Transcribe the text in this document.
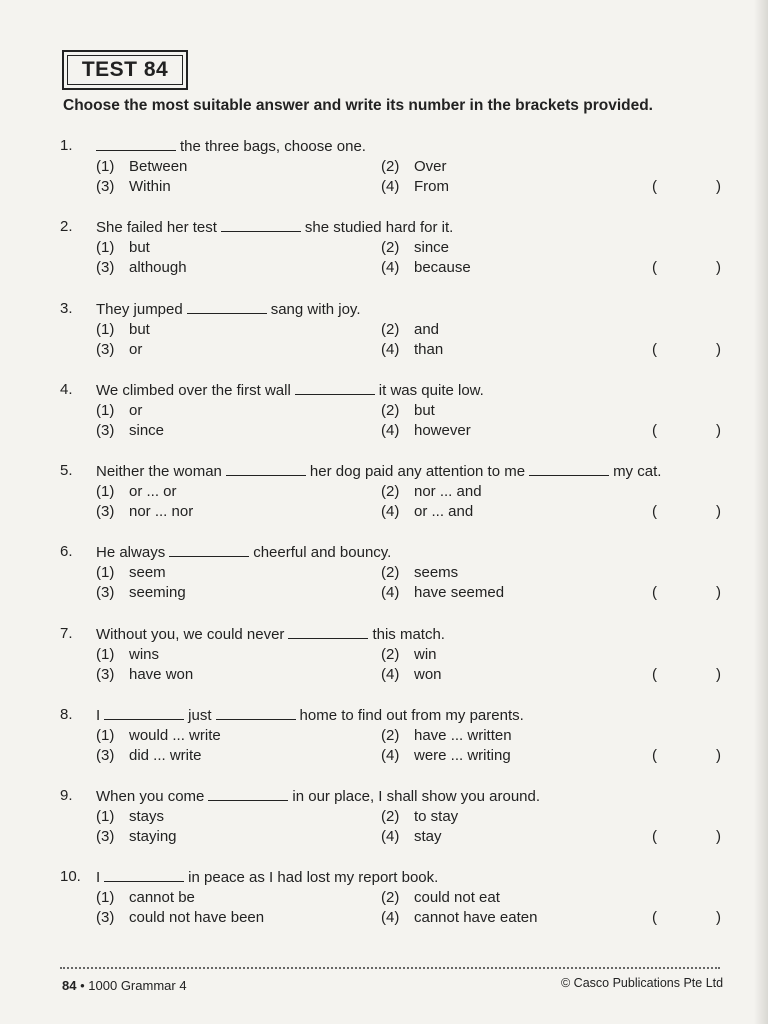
TEST 84
Choose the most suitable answer and write its number in the brackets provided.
1.	the three bags, choose one.
(1) Between	(2) Over
(3) Within	(4) From	(	)
2. She failed her test	she studied hard for it.
(1) but	(2) since
(3) although	(4) because	(	)
3. They jumped	sang with joy.
(1) but	(2) and
(3) or	(4) than	(	)
4. We climbed over the first wall	it was quite low.
(1) or	(2) but
(3) since	(4) however	(	)
5. Neither the woman	her dog paid any attention to me	my cat.
(1) or ... or	(2) nor ... and
(3) nor ... nor	(4) or ... and	(	)
6. He always	cheerful and bouncy.
(1) seem	(2) seems
(3) seeming	(4) have seemed	(	)
7. Without you, we could never	this match.
(1) wins	(2) win
(3) have won	(4) won	(	)
8. I	just	home to find out from my parents.
(1) would ... write	(2) have ... written
(3) did ... write	(4) were ... writing	(	)
9. When you come	in our place, I shall show you around.
(1) stays	(2) to stay
(3) staying	(4) stay	(	)
10. I	in peace as I had lost my report book.
(1) cannot be	(2) could not eat
(3) could not have been	(4) cannot have eaten	(	)
84 • 1000 Grammar 4	© Casco Publications Pte Ltd
